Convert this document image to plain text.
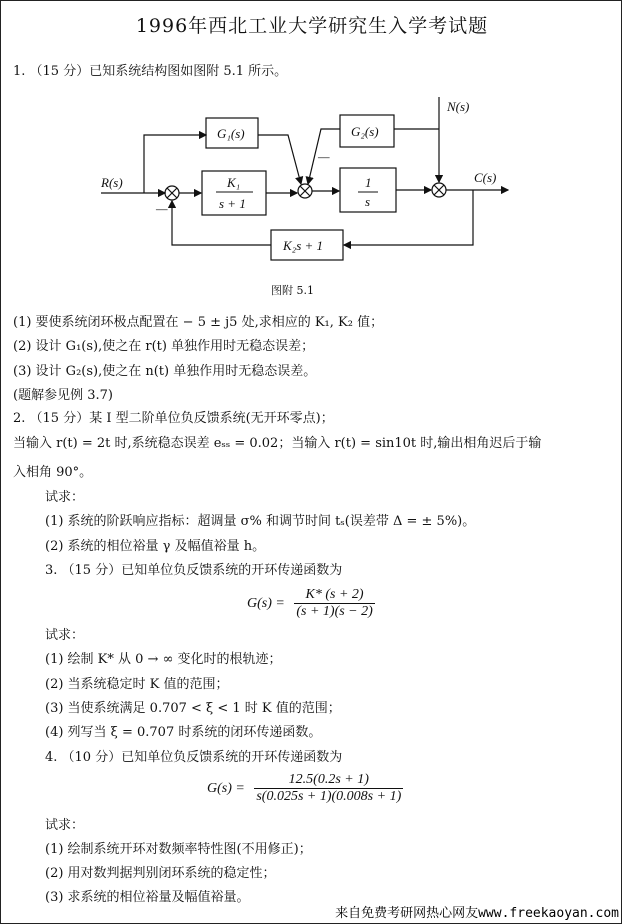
1996年西北工业大学研究生入学考试题
1. （15 分）已知系统结构图如图附 5.1 所示。
R(s)	C(s)
N(s)
G₁(s)	G₂(s)
K₁
s + 1
1
s
K₂s + 1
—
—
图附 5.1
(1) 要使系统闭环极点配置在 − 5 ± j5 处,求相应的 K₁, K₂ 值；
(2) 设计 G₁(s),使之在 r(t) 单独作用时无稳态误差；
(3) 设计 G₂(s),使之在 n(t) 单独作用时无稳态误差。
(题解参见例 3.7)
2. （15 分）某 I 型二阶单位负反馈系统(无开环零点)；
当输入 r(t) = 2t 时,系统稳态误差 eₛₛ = 0.02；当输入 r(t) = sin10t 时,输出相角迟后于输
入相角 90°。
试求：
(1) 系统的阶跃响应指标：超调量 σ% 和调节时间 tₛ(误差带 Δ = ± 5%)。
(2) 系统的相位裕量 γ 及幅值裕量 h。
3. （15 分）已知单位负反馈系统的开环传递函数为
$G(s) = \frac{K* (s + 2)}{(s + 1)(s - 2)}$
试求：
(1) 绘制 K* 从 0 → ∞ 变化时的根轨迹；
(2) 当系统稳定时 K 值的范围；
(3) 当使系统满足 0.707 < ξ < 1 时 K 值的范围；
(4) 列写当 ξ = 0.707 时系统的闭环传递函数。
4. （10 分）已知单位负反馈系统的开环传递函数为
$G(s) = \frac{12.5(0.2s + 1)}{s(0.025s + 1)(0.008s + 1)}$
试求：
(1) 绘制系统开环对数频率特性图(不用修正)；
(2) 用对数判据判别闭环系统的稳定性；
(3) 求系统的相位裕量及幅值裕量。
来自免费考研网热心网友www.freekaoyan.com
